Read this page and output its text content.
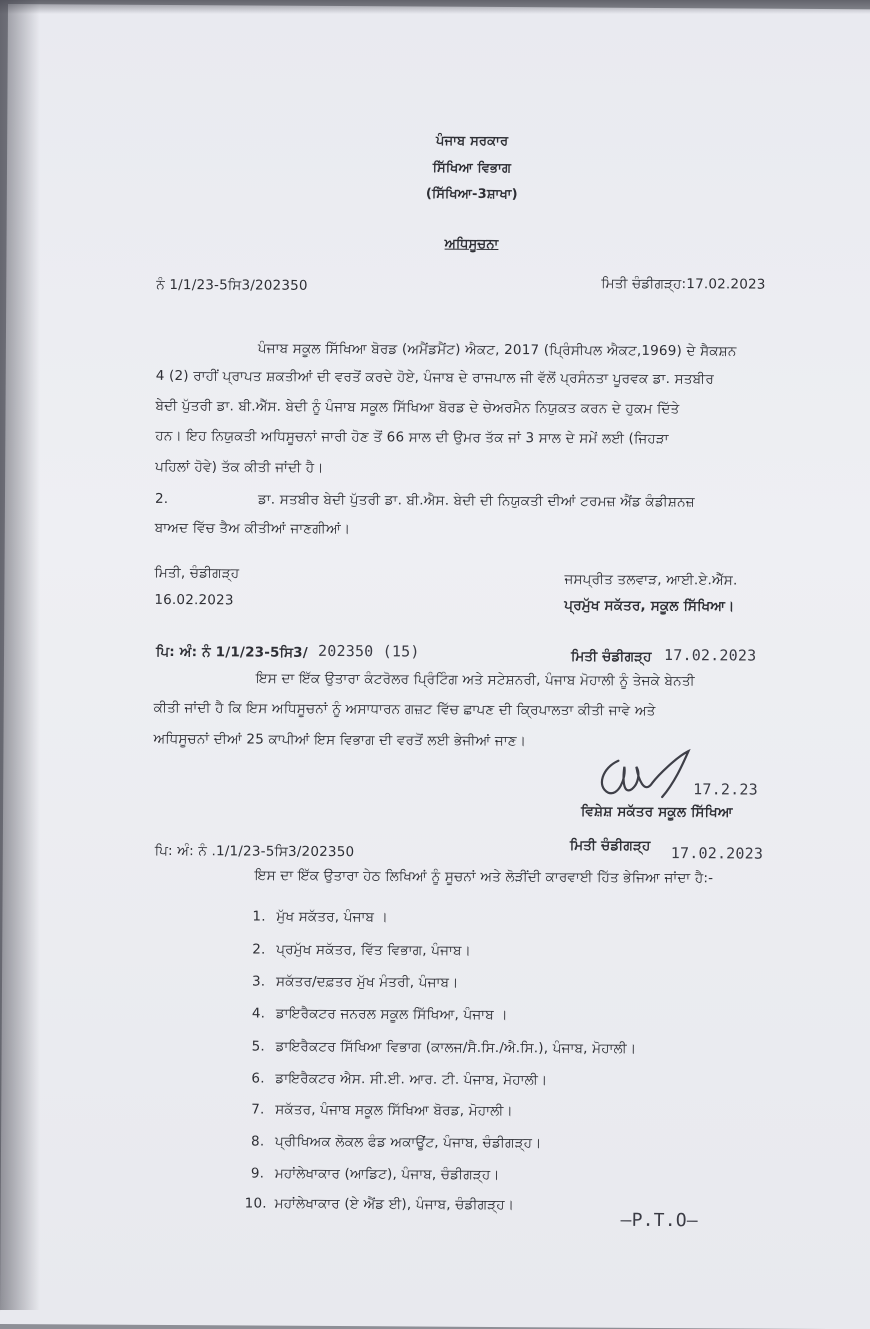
ਪੰਜਾਬ ਸਰਕਾਰ
ਸਿੱਖਿਆ ਵਿਭਾਗ
(ਸਿੱਖਿਆ-3ਸ਼ਾਖਾ)
ਅਧਿਸੂਚਨਾ
ਨੰ 1/1/23-5ਸਿ3/202350	ਮਿਤੀ ਚੰਡੀਗੜ੍ਹ:17.02.2023
ਪੰਜਾਬ ਸਕੂਲ ਸਿੱਖਿਆ ਬੋਰਡ (ਅਮੈਂਡਮੈਂਟ) ਐਕਟ, 2017 (ਪ੍ਰਿੰਸੀਪਲ ਐਕਟ,1969) ਦੇ ਸੈਕਸ਼ਨ
4 (2) ਰਾਹੀਂ ਪ੍ਰਾਪਤ ਸ਼ਕਤੀਆਂ ਦੀ ਵਰਤੋਂ ਕਰਦੇ ਹੋਏ, ਪੰਜਾਬ ਦੇ ਰਾਜਪਾਲ ਜੀ ਵੱਲੋਂ ਪ੍ਰਸੰਨਤਾ ਪੂਰਵਕ ਡਾ. ਸਤਬੀਰ
ਬੇਦੀ ਪੁੱਤਰੀ ਡਾ. ਬੀ.ਐੱਸ. ਬੇਦੀ ਨੂੰ ਪੰਜਾਬ ਸਕੂਲ ਸਿੱਖਿਆ ਬੋਰਡ ਦੇ ਚੇਅਰਮੈਨ ਨਿਯੁਕਤ ਕਰਨ ਦੇ ਹੁਕਮ ਦਿੱਤੇ
ਹਨ। ਇਹ ਨਿਯੁਕਤੀ ਅਧਿਸੂਚਨਾਂ ਜਾਰੀ ਹੋਣ ਤੋਂ 66 ਸਾਲ ਦੀ ਉਮਰ ਤੱਕ ਜਾਂ 3 ਸਾਲ ਦੇ ਸਮੇਂ ਲਈ (ਜਿਹੜਾ
ਪਹਿਲਾਂ ਹੋਵੇ) ਤੱਕ ਕੀਤੀ ਜਾਂਦੀ ਹੈ।
2.	ਡਾ. ਸਤਬੀਰ ਬੇਦੀ ਪੁੱਤਰੀ ਡਾ. ਬੀ.ਐਸ. ਬੇਦੀ ਦੀ ਨਿਯੁਕਤੀ ਦੀਆਂ ਟਰਮਜ਼ ਐਂਡ ਕੰਡੀਸ਼ਨਜ਼
ਬਾਅਦ ਵਿੱਚ ਤੈਅ ਕੀਤੀਆਂ ਜਾਣਗੀਆਂ।
ਮਿਤੀ, ਚੰਡੀਗੜ੍ਹ
16.02.2023
ਜਸਪ੍ਰੀਤ ਤਲਵਾੜ, ਆਈ.ਏ.ਐੱਸ.
ਪ੍ਰਮੁੱਖ ਸਕੱਤਰ, ਸਕੂਲ ਸਿੱਖਿਆ।
ਪਿ: ਅੰ: ਨੰ 1/1/23-5ਸਿ3/ 202350 (15)	ਮਿਤੀ ਚੰਡੀਗੜ੍ਹ 17.02.2023
ਇਸ ਦਾ ਇੱਕ ਉਤਾਰਾ ਕੰਟਰੋਲਰ ਪ੍ਰਿੰਟਿੰਗ ਅਤੇ ਸਟੇਸ਼ਨਰੀ, ਪੰਜਾਬ ਮੋਹਾਲੀ ਨੂੰ ਤੇਜਕੇ ਬੇਨਤੀ
ਕੀਤੀ ਜਾਂਦੀ ਹੈ ਕਿ ਇਸ ਅਧਿਸੂਚਨਾਂ ਨੂੰ ਅਸਾਧਾਰਨ ਗਜ਼ਟ ਵਿੱਚ ਛਾਪਣ ਦੀ ਕ੍ਰਿਪਾਲਤਾ ਕੀਤੀ ਜਾਵੇ ਅਤੇ
ਅਧਿਸੂਚਨਾਂ ਦੀਆਂ 25 ਕਾਪੀਆਂ ਇਸ ਵਿਭਾਗ ਦੀ ਵਰਤੋਂ ਲਈ ਭੇਜੀਆਂ ਜਾਣ।
17.2.23
ਵਿਸ਼ੇਸ਼ ਸਕੱਤਰ ਸਕੂਲ ਸਿੱਖਿਆ
ਪਿ: ਅੰ: ਨੰ .1/1/23-5ਸਿ3/202350	ਮਿਤੀ ਚੰਡੀਗੜ੍ਹ 17.02.2023
ਇਸ ਦਾ ਇੱਕ ਉਤਾਰਾ ਹੇਠ ਲਿਖਿਆਂ ਨੂੰ ਸੂਚਨਾਂ ਅਤੇ ਲੋੜੀਂਦੀ ਕਾਰਵਾਈ ਹਿੱਤ ਭੇਜਿਆ ਜਾਂਦਾ ਹੈ:-
1. ਮੁੱਖ ਸਕੱਤਰ, ਪੰਜਾਬ ।
2. ਪ੍ਰਮੁੱਖ ਸਕੱਤਰ, ਵਿੱਤ ਵਿਭਾਗ, ਪੰਜਾਬ।
3. ਸਕੱਤਰ/ਦਫ਼ਤਰ ਮੁੱਖ ਮੰਤਰੀ, ਪੰਜਾਬ।
4. ਡਾਇਰੈਕਟਰ ਜਨਰਲ ਸਕੂਲ ਸਿੱਖਿਆ, ਪੰਜਾਬ ।
5. ਡਾਇਰੈਕਟਰ ਸਿੱਖਿਆ ਵਿਭਾਗ (ਕਾਲਜ/ਸੈ.ਸਿ./ਐ.ਸਿ.), ਪੰਜਾਬ, ਮੋਹਾਲੀ।
6. ਡਾਇਰੈਕਟਰ ਐਸ. ਸੀ.ਈ. ਆਰ. ਟੀ. ਪੰਜਾਬ, ਮੋਹਾਲੀ।
7. ਸਕੱਤਰ, ਪੰਜਾਬ ਸਕੂਲ ਸਿੱਖਿਆ ਬੋਰਡ, ਮੋਹਾਲੀ।
8. ਪ੍ਰੀਖਿਅਕ ਲੋਕਲ ਫੰਡ ਅਕਾਊਂਟ, ਪੰਜਾਬ, ਚੰਡੀਗੜ੍ਹ।
9. ਮਹਾਂਲੇਖਾਕਾਰ (ਆਡਿਟ), ਪੰਜਾਬ, ਚੰਡੀਗੜ੍ਹ।
10. ਮਹਾਂਲੇਖਾਕਾਰ (ਏ ਐਂਡ ਈ), ਪੰਜਾਬ, ਚੰਡੀਗੜ੍ਹ।
–P.T.O–
